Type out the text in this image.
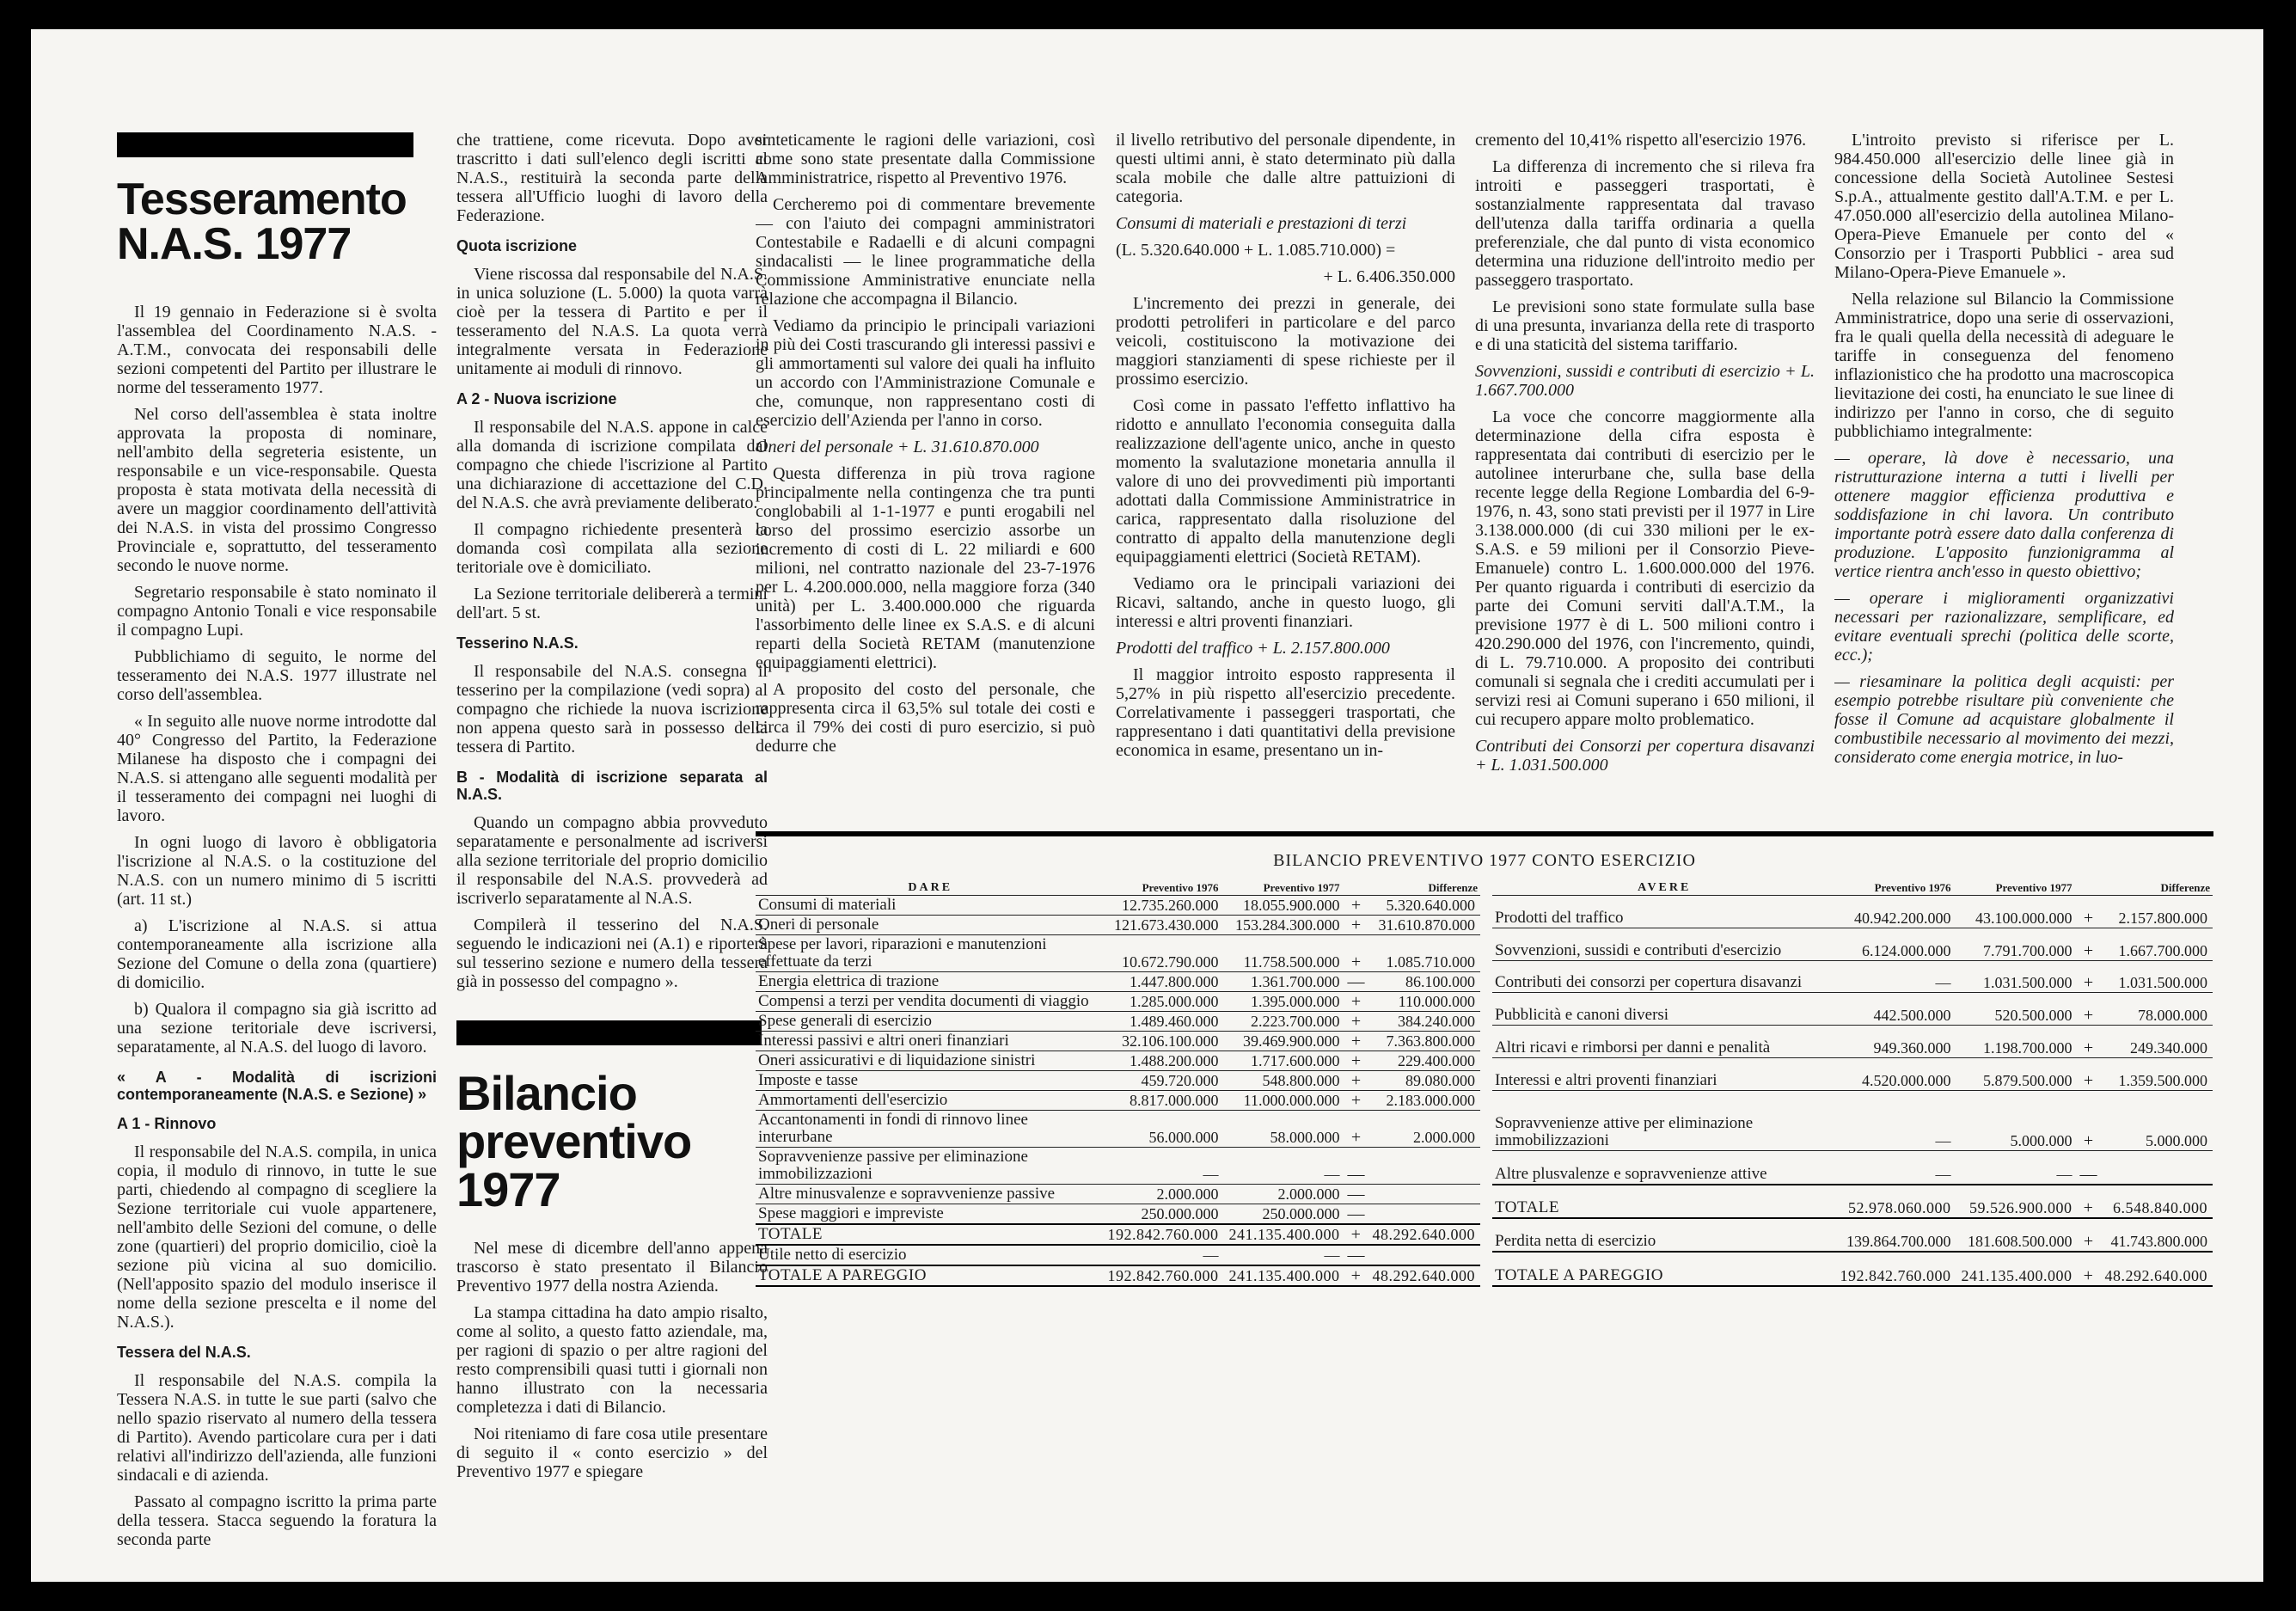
Tesseramento
N.A.S. 1977

Il 19 gennaio in Federazione si è svolta l'assemblea del Coordinamento N.A.S. - A.T.M., convocata dei responsabili delle sezioni competenti del Partito per illustrare le norme del tesseramento 1977.

Nel corso dell'assemblea è stata inoltre approvata la proposta di nominare, nell'ambito della segreteria esistente, un responsabile e un vice-responsabile. Questa proposta è stata motivata della necessità di avere un maggior coordinamento dell'attività dei N.A.S. in vista del prossimo Congresso Provinciale e, soprattutto, del tesseramento secondo le nuove norme.

Segretario responsabile è stato nominato il compagno Antonio Tonali e vice responsabile il compagno Lupi.

Pubblichiamo di seguito, le norme del tesseramento dei N.A.S. 1977 illustrate nel corso dell'assemblea.

« In seguito alle nuove norme introdotte dal 40° Congresso del Partito, la Federazione Milanese ha disposto che i compagni dei N.A.S. si attengano alle seguenti modalità per il tesseramento dei compagni nei luoghi di lavoro.

In ogni luogo di lavoro è obbligatoria l'iscrizione al N.A.S. o la costituzione del N.A.S. con un numero minimo di 5 iscritti (art. 11 st.)

a) L'iscrizione al N.A.S. si attua contemporaneamente alla iscrizione alla Sezione del Comune o della zona (quartiere) di domicilio.

b) Qualora il compagno sia già iscritto ad una sezione teritoriale deve iscriversi, separatamente, al N.A.S. del luogo di lavoro.

« A - Modalità di iscrizioni contemporaneamente (N.A.S. e Sezione) »
A 1 - Rinnovo

Il responsabile del N.A.S. compila, in unica copia, il modulo di rinnovo, in tutte le sue parti, chiedendo al compagno di scegliere la Sezione territoriale cui vuole appartenere, nell'ambito delle Sezioni del comune, o delle zone (quartieri) del proprio domicilio, cioè la sezione più vicina al suo domicilio. (Nell'apposito spazio del modulo inserisce il nome della sezione prescelta e il nome del N.A.S.).

Tessera del N.A.S.

Il responsabile del N.A.S. compila la Tessera N.A.S. in tutte le sue parti (salvo che nello spazio riservato al numero della tessera di Partito). Avendo particolare cura per i dati relativi all'indirizzo dell'azienda, alle funzioni sindacali e di azienda.

Passato al compagno iscritto la prima parte della tessera. Stacca seguendo la foratura la seconda parte

che trattiene, come ricevuta. Dopo aver trascritto i dati sull'elenco degli iscritti al N.A.S., restituirà la seconda parte della tessera all'Ufficio luoghi di lavoro della Federazione.

Quota iscrizione

Viene riscossa dal responsabile del N.A.S. in unica soluzione (L. 5.000) la quota varrà cioè per la tessera di Partito e per il tesseramento del N.A.S. La quota verrà integralmente versata in Federazione unitamente ai moduli di rinnovo.

A 2 - Nuova iscrizione

Il responsabile del N.A.S. appone in calce alla domanda di iscrizione compilata dal compagno che chiede l'iscrizione al Partito una dichiarazione di accettazione del C.D. del N.A.S. che avrà previamente deliberato.

Il compagno richiedente presenterà la domanda così compilata alla sezione teritoriale ove è domiciliato.

La Sezione territoriale delibererà a termini dell'art. 5 st.

Tesserino N.A.S.

Il responsabile del N.A.S. consegna il tesserino per la compilazione (vedi sopra) al compagno che richiede la nuova iscrizione non appena questo sarà in possesso della tessera di Partito.

B - Modalità di iscrizione separata al N.A.S.

Quando un compagno abbia provveduto separatamente e personalmente ad iscriversi alla sezione territoriale del proprio domicilio il responsabile del N.A.S. provvederà ad iscriverlo separatamente al N.A.S.

Compilerà il tesserino del N.A.S. seguendo le indicazioni nei (A.1) e riporterà sul tesserino sezione e numero della tessera già in possesso del compagno ».

Bilancio
preventivo
1977

Nel mese di dicembre dell'anno appena trascorso è stato presentato il Bilancio Preventivo 1977 della nostra Azienda.

La stampa cittadina ha dato ampio risalto, come al solito, a questo fatto aziendale, ma, per ragioni di spazio o per altre ragioni del resto comprensibili quasi tutti i giornali non hanno illustrato con la necessaria completezza i dati di Bilancio.

Noi riteniamo di fare cosa utile presentare di seguito il « conto esercizio » del Preventivo 1977 e spiegare

sinteticamente le ragioni delle variazioni, così come sono state presentate dalla Commissione Amministratrice, rispetto al Preventivo 1976.

Cercheremo poi di commentare brevemente — con l'aiuto dei compagni amministratori Contestabile e Radaelli e di alcuni compagni sindacalisti — le linee programmatiche della Commissione Amministrative enunciate nella relazione che accompagna il Bilancio.

Vediamo da principio le principali variazioni in più dei Costi trascurando gli interessi passivi e gli ammortamenti sul valore dei quali ha influito un accordo con l'Amministrazione Comunale e che, comunque, non rappresentano costi di esercizio dell'Azienda per l'anno in corso.

Oneri del personale + L. 31.610.870.000

Questa differenza in più trova ragione principalmente nella contingenza che tra punti conglobabili al 1-1-1977 e punti erogabili nel corso del prossimo esercizio assorbe un incremento di costi di L. 22 miliardi e 600 milioni, nel contratto nazionale del 23-7-1976 per L. 4.200.000.000, nella maggiore forza (340 unità) per L. 3.400.000.000 che riguarda l'assorbimento delle linee ex S.A.S. e di alcuni reparti della Società RETAM (manutenzione equipaggiamenti elettrici).

A proposito del costo del personale, che rappresenta circa il 63,5% sul totale dei costi e circa il 79% dei costi di puro esercizio, si può dedurre che

il livello retributivo del personale dipendente, in questi ultimi anni, è stato determinato più dalla scala mobile che dalle altre pattuizioni di categoria.

Consumi di materiali e prestazioni di terzi

(L. 5.320.640.000 + L. 1.085.710.000) =

+ L. 6.406.350.000

L'incremento dei prezzi in generale, dei prodotti petroliferi in particolare e del parco veicoli, costituiscono la motivazione dei maggiori stanziamenti di spese richieste per il prossimo esercizio.

Così come in passato l'effetto inflattivo ha ridotto e annullato l'economia conseguita dalla realizzazione dell'agente unico, anche in questo momento la svalutazione monetaria annulla il valore di uno dei provvedimenti più importanti adottati dalla Commissione Amministratrice in carica, rappresentato dalla risoluzione del contratto di appalto della manutenzione degli equipaggiamenti elettrici (Società RETAM).

Vediamo ora le principali variazioni dei Ricavi, saltando, anche in questo luogo, gli interessi e altri proventi finanziari.

Prodotti del traffico + L. 2.157.800.000

Il maggior introito esposto rappresenta il 5,27% in più rispetto all'esercizio precedente. Correlativamente i passeggeri trasportati, che rappresentano i dati quantitativi della previsione economica in esame, presentano un in-

cremento del 10,41% rispetto all'esercizio 1976.

La differenza di incremento che si rileva fra introiti e passeggeri trasportati, è sostanzialmente rappresentata dal travaso dell'utenza dalla tariffa ordinaria a quella preferenziale, che dal punto di vista economico determina una riduzione dell'introito medio per passeggero trasportato.

Le previsioni sono state formulate sulla base di una presunta, invarianza della rete di trasporto e di una staticità del sistema tariffario.

Sovvenzioni, sussidi e contributi di esercizio + L. 1.667.700.000

La voce che concorre maggiormente alla determinazione della cifra esposta è rappresentata dai contributi di esercizio per le autolinee interurbane che, sulla base della recente legge della Regione Lombardia del 6-9-1976, n. 43, sono stati previsti per il 1977 in Lire 3.138.000.000 (di cui 330 milioni per le ex-S.A.S. e 59 milioni per il Consorzio Pieve-Emanuele) contro L. 1.600.000.000 del 1976. Per quanto riguarda i contributi di esercizio da parte dei Comuni serviti dall'A.T.M., la previsione 1977 è di L. 500 milioni contro i 420.290.000 del 1976, con l'incremento, quindi, di L. 79.710.000. A proposito dei contributi comunali si segnala che i crediti accumulati per i servizi resi ai Comuni superano i 650 milioni, il cui recupero appare molto problematico.

Contributi dei Consorzi per copertura disavanzi + L. 1.031.500.000

L'introito previsto si riferisce per L. 984.450.000 all'esercizio delle linee già in concessione della Società Autolinee Sestesi S.p.A., attualmente gestito dall'A.T.M. e per L. 47.050.000 all'esercizio della autolinea Milano-Opera-Pieve Emanuele per conto del « Consorzio per i Trasporti Pubblici - area sud Milano-Opera-Pieve Emanuele ».

Nella relazione sul Bilancio la Commissione Amministratrice, dopo una serie di osservazioni, fra le quali quella della necessità di adeguare le tariffe in conseguenza del fenomeno inflazionistico che ha prodotto una macroscopica lievitazione dei costi, ha enunciato le sue linee di indirizzo per l'anno in corso, che di seguito pubblichiamo integralmente:

— operare, là dove è necessario, una ristrutturazione interna a tutti i livelli per ottenere maggior efficienza produttiva e soddisfazione in chi lavora. Un contributo importante potrà essere dato dalla conferenza di produzione. L'apposito funzionigramma al vertice rientra anch'esso in questo obiettivo;

— operare i miglioramenti organizzativi necessari per razionalizzare, semplificare, ed evitare eventuali sprechi (politica delle scorte, ecc.);

— riesaminare la politica degli acquisti: per esempio potrebbe risultare più conveniente che fosse il Comune ad acquistare globalmente il combustibile necessario al movimento dei mezzi, considerato come energia motrice, in luo-

BILANCIO PREVENTIVO 1977 CONTO ESERCIZIO
DARE	Preventivo 1976	Preventivo 1977	Differenze	
Consumi di materiali	12.735.260.000	18.055.900.000	+	5.320.640.000
Oneri di personale	121.673.430.000	153.284.300.000	+	31.610.870.000
Spese per lavori, riparazioni e manutenzioni effettuate da terzi	10.672.790.000	11.758.500.000	+	1.085.710.000
Energia elettrica di trazione	1.447.800.000	1.361.700.000	—	86.100.000
Compensi a terzi per vendita documenti di viaggio	1.285.000.000	1.395.000.000	+	110.000.000
Spese generali di esercizio	1.489.460.000	2.223.700.000	+	384.240.000
Interessi passivi e altri oneri finanziari	32.106.100.000	39.469.900.000	+	7.363.800.000
Oneri assicurativi e di liquidazione sinistri	1.488.200.000	1.717.600.000	+	229.400.000
Imposte e tasse	459.720.000	548.800.000	+	89.080.000
Ammortamenti dell'esercizio	8.817.000.000	11.000.000.000	+	2.183.000.000
Accantonamenti in fondi di rinnovo linee interurbane	56.000.000	58.000.000	+	2.000.000
Sopravvenienze passive per eliminazione immobilizzazioni	—	—	—	
Altre minusvalenze e sopravvenienze passive	2.000.000	2.000.000	—	
Spese maggiori e impreviste	250.000.000	250.000.000	—	
TOTALE	192.842.760.000	241.135.400.000	+	48.292.640.000
Utile netto di esercizio	—	—	—	
TOTALE A PAREGGIO	192.842.760.000	241.135.400.000	+	48.292.640.000
AVERE	Preventivo 1976	Preventivo 1977	Differenze	
Prodotti del traffico	40.942.200.000	43.100.000.000	+	2.157.800.000
Sovvenzioni, sussidi e contributi d'esercizio	6.124.000.000	7.791.700.000	+	1.667.700.000
Contributi dei consorzi per copertura disavanzi	—	1.031.500.000	+	1.031.500.000
Pubblicità e canoni diversi	442.500.000	520.500.000	+	78.000.000
Altri ricavi e rimborsi per danni e penalità	949.360.000	1.198.700.000	+	249.340.000
Interessi e altri proventi finanziari	4.520.000.000	5.879.500.000	+	1.359.500.000
Sopravvenienze attive per eliminazione immobilizzazioni	—	5.000.000	+	5.000.000
Altre plusvalenze e sopravvenienze attive	—	—	—	
TOTALE	52.978.060.000	59.526.900.000	+	6.548.840.000
Perdita netta di esercizio	139.864.700.000	181.608.500.000	+	41.743.800.000
TOTALE A PAREGGIO	192.842.760.000	241.135.400.000	+	48.292.640.000
